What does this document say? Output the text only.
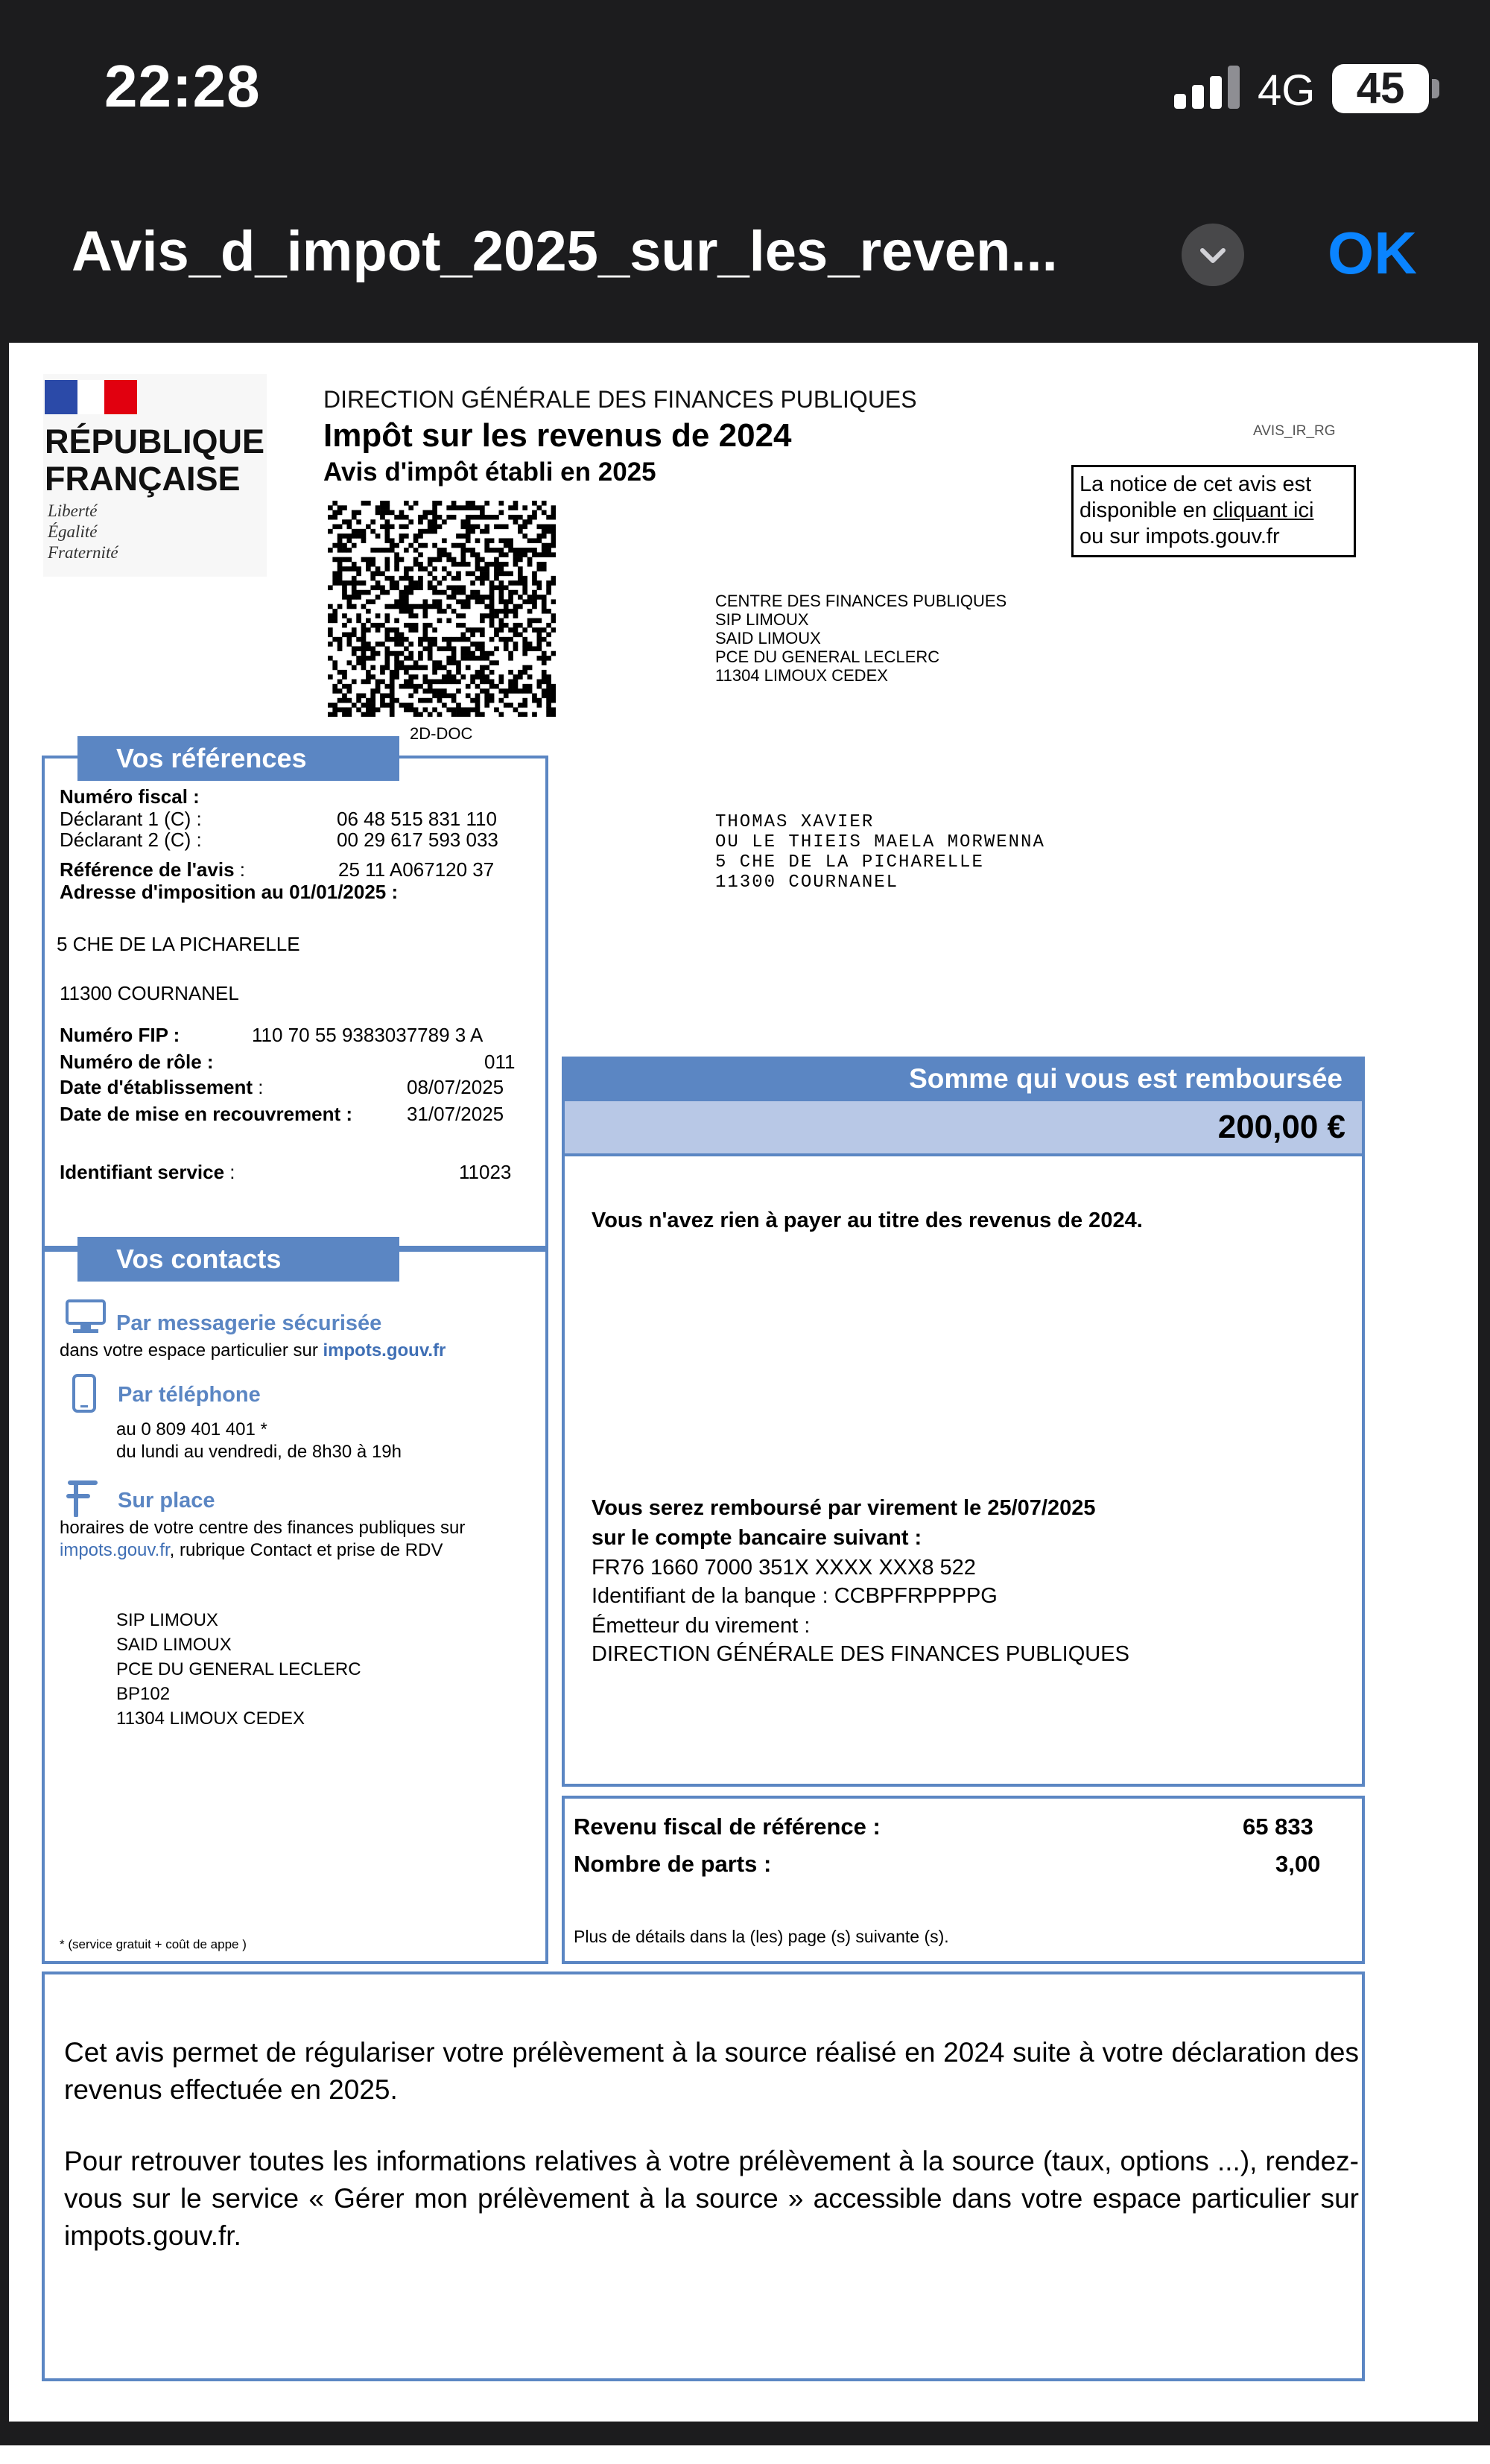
22:28	4G 45
Avis_d_impot_2025_sur_les_reven...	OK
RÉPUBLIQUE
FRANÇAISE
Liberté
Égalité
Fraternité
DIRECTION GÉNÉRALE DES FINANCES PUBLIQUES
Impôt sur les revenus de 2024
Avis d'impôt établi en 2025
AVIS_IR_RG
La notice de cet avis est
disponible en cliquant ici
ou sur impots.gouv.fr
2D-DOC
CENTRE DES FINANCES PUBLIQUES
SIP LIMOUX
SAID LIMOUX
PCE DU GENERAL LECLERC
11304 LIMOUX CEDEX
THOMAS XAVIER
OU LE THIEIS MAELA MORWENNA
5 CHE DE LA PICHARELLE
11300 COURNANEL
Numéro fiscal :
Déclarant 1 (C) :	06 48 515 831 110
Déclarant 2 (C) :	00 29 617 593 033
Référence de l'avis :	25 11 A067120 37
Adresse d'imposition au 01/01/2025 :
5 CHE DE LA PICHARELLE
11300 COURNANEL
Numéro FIP :	110 70 55 9383037789 3 A
Numéro de rôle :	011
Date d'établissement :	08/07/2025
Date de mise en recouvrement :	31/07/2025
Identifiant service :	11023
Vos références
Par messagerie sécurisée
dans votre espace particulier sur impots.gouv.fr
Par téléphone
au 0 809 401 401 *
du lundi au vendredi, de 8h30 à 19h
Sur place
horaires de votre centre des finances publiques sur
impots.gouv.fr, rubrique Contact et prise de RDV
SIP LIMOUX
SAID LIMOUX
PCE DU GENERAL LECLERC
BP102
11304 LIMOUX CEDEX
* (service gratuit + coût de appe )
Vos contacts
Somme qui vous est remboursée
200,00 €
Vous n'avez rien à payer au titre des revenus de 2024.
Vous serez remboursé par virement le 25/07/2025
sur le compte bancaire suivant :
FR76 1660 7000 351X XXXX XXX8 522
Identifiant de la banque : CCBPFRPPPPG
Émetteur du virement :
DIRECTION GÉNÉRALE DES FINANCES PUBLIQUES
Revenu fiscal de référence :	65 833
Nombre de parts :	3,00
Plus de détails dans la (les) page (s) suivante (s).
Cet avis permet de régulariser votre prélèvement à la source réalisé en 2024 suite à votre déclaration des revenus effectuée en 2025.
Pour retrouver toutes les informations relatives à votre prélèvement à la source (taux, options ...), rendez-vous sur le service « Gérer mon prélèvement à la source » accessible dans votre espace particulier sur impots.gouv.fr.
